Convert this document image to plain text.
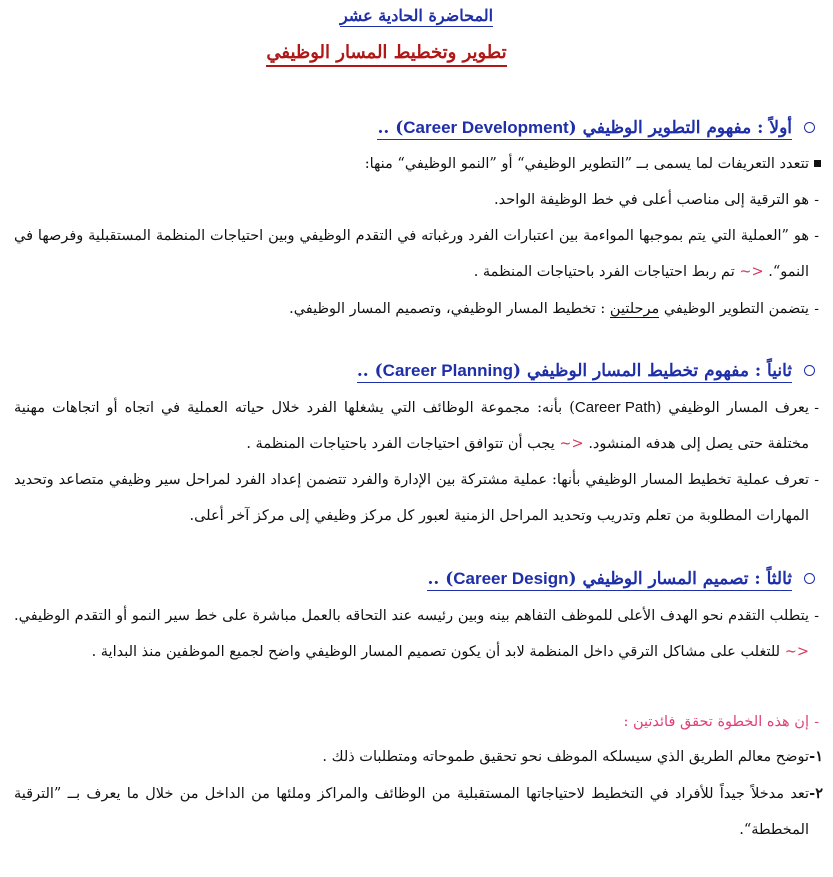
المحاضرة الحادية عشر
تطوير وتخطيط المسار الوظيفي
أولاً : مفهوم التطوير الوظيفي (Career Development) ..
تتعدد التعريفات لما يسمى بــ ”التطوير الوظيفي“ أو ”النمو الوظيفي“ منها:
-
هو الترقية إلى مناصب أعلى في خط الوظيفة الواحد.
-
هو ”العملية التي يتم بموجبها المواءمة بين اعتبارات الفرد ورغباته في التقدم الوظيفي وبين احتياجات المنظمة المستقبلية وفرصها في النمو“. <~ تم ربط احتياجات الفرد باحتياجات المنظمة .
-
يتضمن التطوير الوظيفي مرحلتين : تخطيط المسار الوظيفي، وتصميم المسار الوظيفي.
ثانياً : مفهوم تخطيط المسار الوظيفي (Career Planning) ..
-
يعرف المسار الوظيفي (Career Path) بأنه: مجموعة الوظائف التي يشغلها الفرد خلال حياته العملية في اتجاه أو اتجاهات مهنية مختلفة حتى يصل إلى هدفه المنشود. <~ يجب أن تتوافق احتياجات الفرد باحتياجات المنظمة .
-
تعرف عملية تخطيط المسار الوظيفي بأنها: عملية مشتركة بين الإدارة والفرد تتضمن إعداد الفرد لمراحل سير وظيفي متصاعد وتحديد المهارات المطلوبة من تعلم وتدريب وتحديد المراحل الزمنية لعبور كل مركز وظيفي إلى مركز آخر أعلى.
ثالثاً : تصميم المسار الوظيفي (Career Design) ..
-
يتطلب التقدم نحو الهدف الأعلى للموظف التفاهم بينه وبين رئيسه عند التحاقه بالعمل مباشرة على خط سير النمو أو التقدم الوظيفي. <~ للتغلب على مشاكل الترقي داخل المنظمة لابد أن يكون تصميم المسار الوظيفي واضح لجميع الموظفين منذ البداية .
-
إن هذه الخطوة تحقق فائدتين :
١-
توضح معالم الطريق الذي سيسلكه الموظف نحو تحقيق طموحاته ومتطلبات ذلك .
٢-
تعد مدخلاً جيداً للأفراد في التخطيط لاحتياجاتها المستقبلية من الوظائف والمراكز وملئها من الداخل من خلال ما يعرف بــ ”الترقية المخططة“.
